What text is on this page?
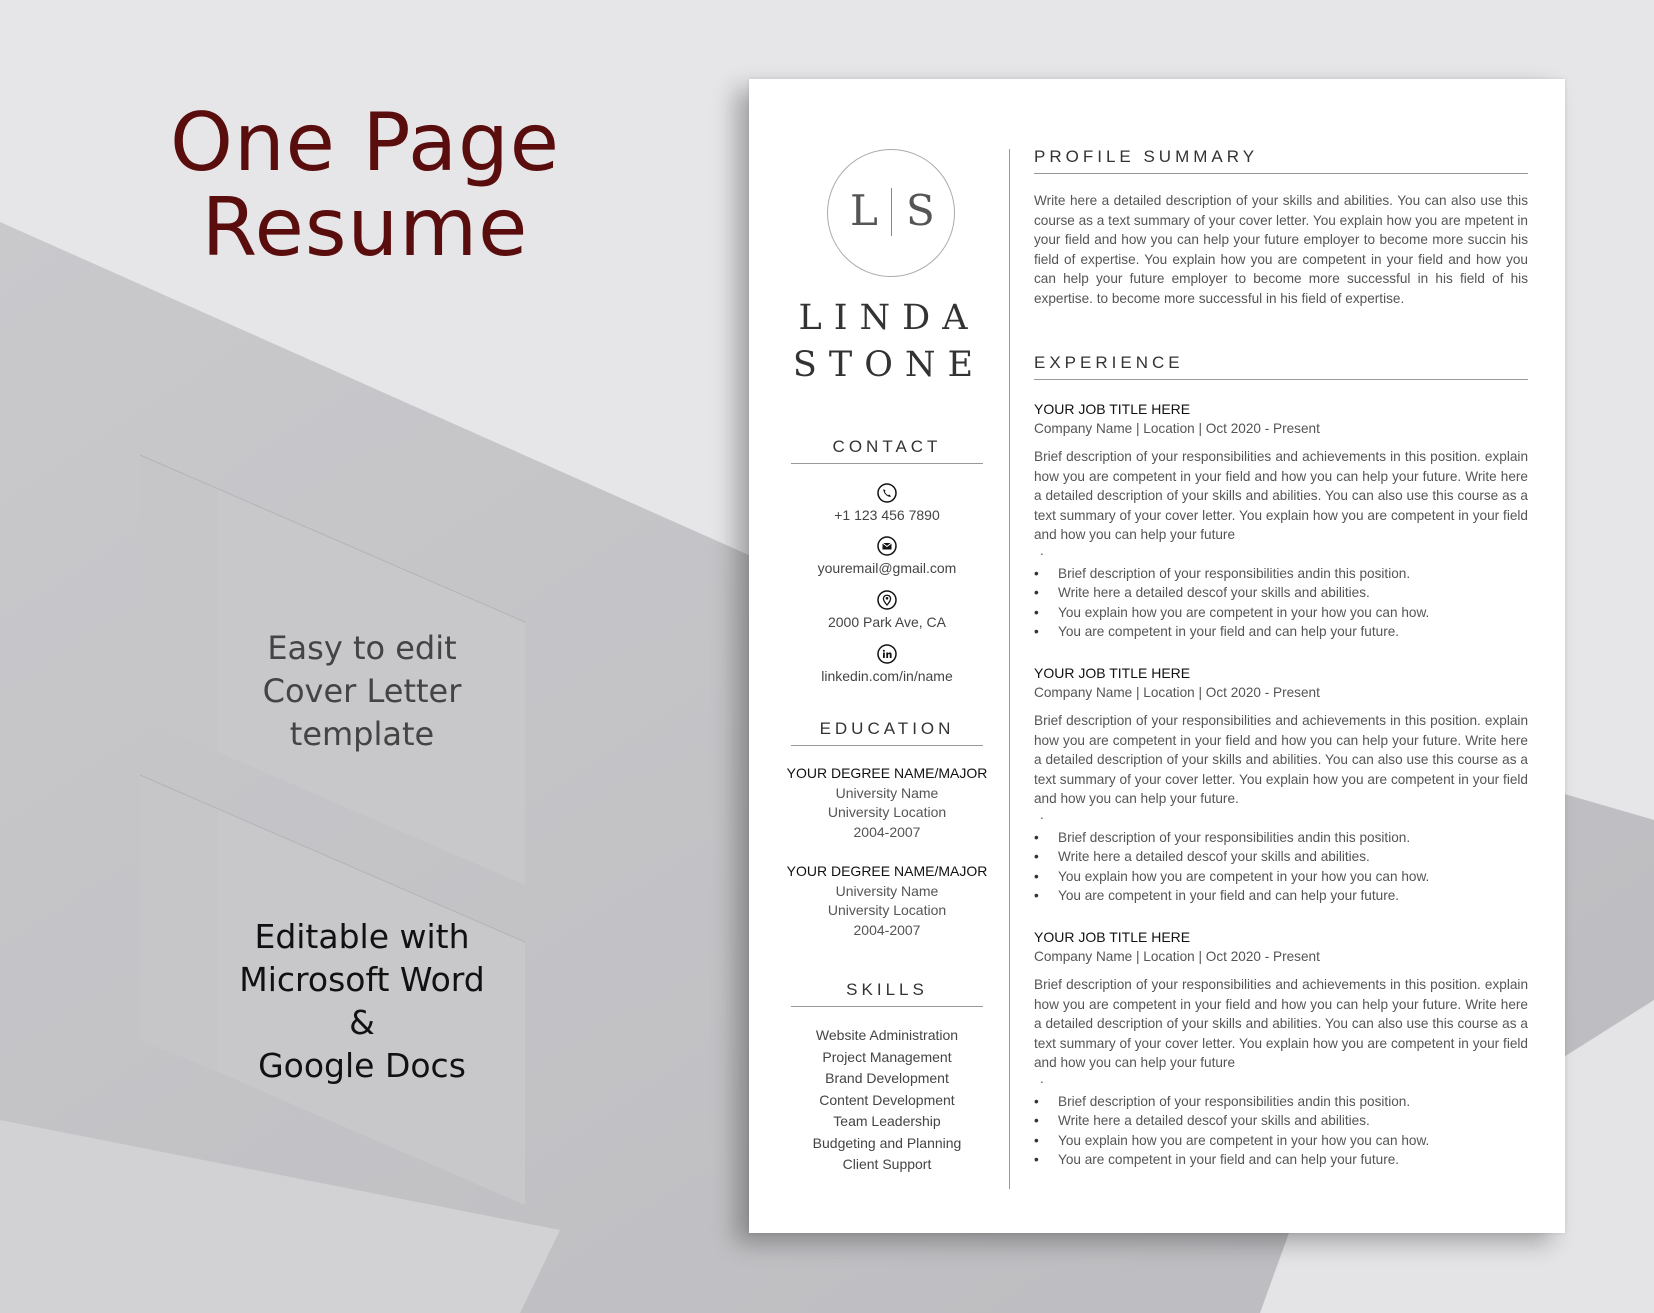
One Page
Resume
Easy to edit
Cover Letter
template
Editable with
Microsoft Word
&
Google Docs
L S
LINDA
STONE
CONTACT
+1 123 456 7890
youremail@gmail.com
2000 Park Ave, CA
linkedin.com/in/name
EDUCATION
YOUR DEGREE NAME/MAJOR
University Name
University Location
2004-2007
YOUR DEGREE NAME/MAJOR
University Name
University Location
2004-2007
SKILLS
Website Administration
Project Management
Brand Development
Content Development
Team Leadership
Budgeting and Planning
Client Support
PROFILE SUMMARY

Write here a detailed description of your skills and abilities. You can also use this course as a text summary of your cover letter. You explain how you are mpetent in your field and how you can help your future employer to become more succin his field of expertise. You explain how you are competent in your field and how you can help your future employer to become more successful in his field of his expertise. to become more successful in his field of expertise.

EXPERIENCE
YOUR JOB TITLE HERE
Company Name | Location | Oct 2020 - Present

Brief description of your responsibilities and achievements in this position. explain how you are competent in your field and how you can help your future. Write here a detailed description of your skills and abilities. You can also use this course as a text summary of your cover letter. You explain how you are competent in your field and how you can help your future

.
• Brief description of your responsibilities andin this position.
• Write here a detailed descof your skills and abilities.
• You explain how you are competent in your how you can how.
• You are competent in your field and can help your future.
YOUR JOB TITLE HERE
Company Name | Location | Oct 2020 - Present

Brief description of your responsibilities and achievements in this position. explain how you are competent in your field and how you can help your future. Write here a detailed description of your skills and abilities. You can also use this course as a text summary of your cover letter. You explain how you are competent in your field and how you can help your future.

.
• Brief description of your responsibilities andin this position.
• Write here a detailed descof your skills and abilities.
• You explain how you are competent in your how you can how.
• You are competent in your field and can help your future.
YOUR JOB TITLE HERE
Company Name | Location | Oct 2020 - Present

Brief description of your responsibilities and achievements in this position. explain how you are competent in your field and how you can help your future. Write here a detailed description of your skills and abilities. You can also use this course as a text summary of your cover letter. You explain how you are competent in your field and how you can help your future

.
• Brief description of your responsibilities andin this position.
• Write here a detailed descof your skills and abilities.
• You explain how you are competent in your how you can how.
• You are competent in your field and can help your future.
